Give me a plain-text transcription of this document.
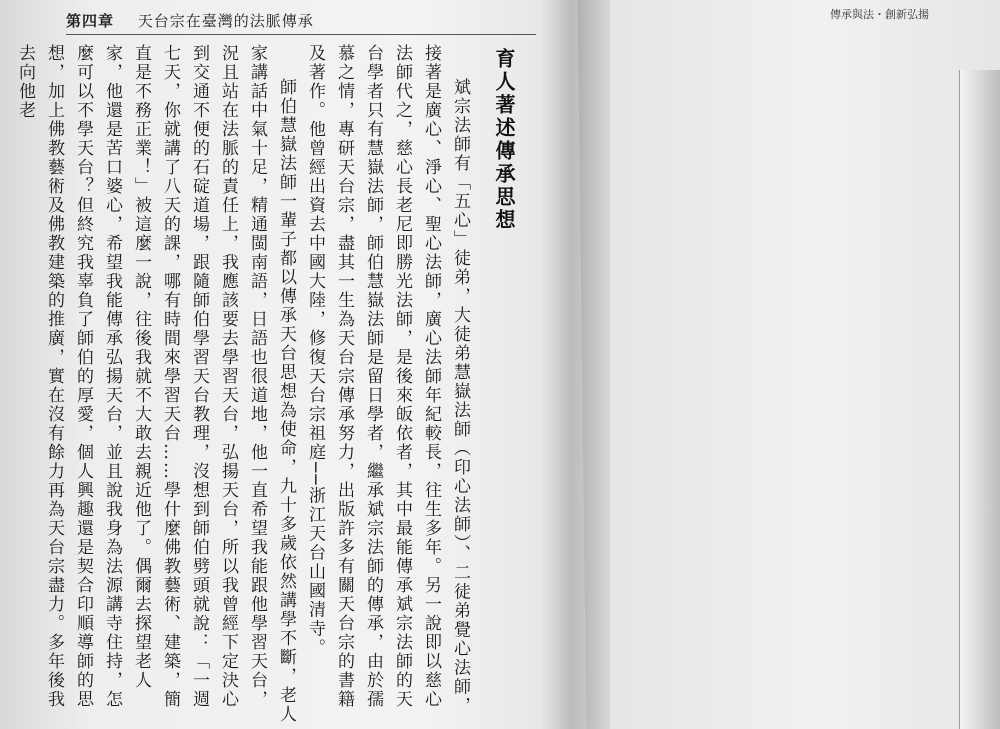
第四章 天台宗在臺灣的法脈傳承
育人著述傳承思想

斌宗法師有「五心」徒弟，大徒弟慧嶽法師（印心法師）、二徒弟覺心法師，接著是廣心、淨心、聖心法師，廣心法師年紀較長，往生多年。另一說即以慈心法師代之，慈心長老尼即勝光法師，是後來皈依者，其中最能傳承斌宗法師的天台學者只有慧嶽法師，師伯慧嶽法師是留日學者，繼承斌宗法師的傳承，由於孺慕之情，專研天台宗，盡其一生為天台宗傳承努力，出版許多有關天台宗的書籍及著作。他曾經出資去中國大陸，修復天台宗祖庭──浙江天台山國清寺。

師伯慧嶽法師一輩子都以傳承天台思想為使命，九十多歲依然講學不斷，老人家講話中氣十足，精通閩南語，日語也很道地，他一直希望我能跟他學習天台，況且站在法脈的責任上，我應該要去學習天台，弘揚天台，所以我曾經下定決心到交通不便的石碇道場，跟隨師伯學習天台教理，沒想到師伯劈頭就說：「一週七天，你就講了八天的課，哪有時間來學習天台……學什麼佛教藝術、建築，簡直是不務正業！」被這麼一說，往後我就不大敢去親近他了。偶爾去探望老人家，他還是苦口婆心，希望我能傳承弘揚天台，並且說我身為法源講寺住持，怎麼可以不學天台？但終究我辜負了師伯的厚愛，個人興趣還是契合印順導師的思想，加上佛教藝術及佛教建築的推廣，實在沒有餘力再為天台宗盡力。多年後我去向他老

傳承與法・創新弘揚
